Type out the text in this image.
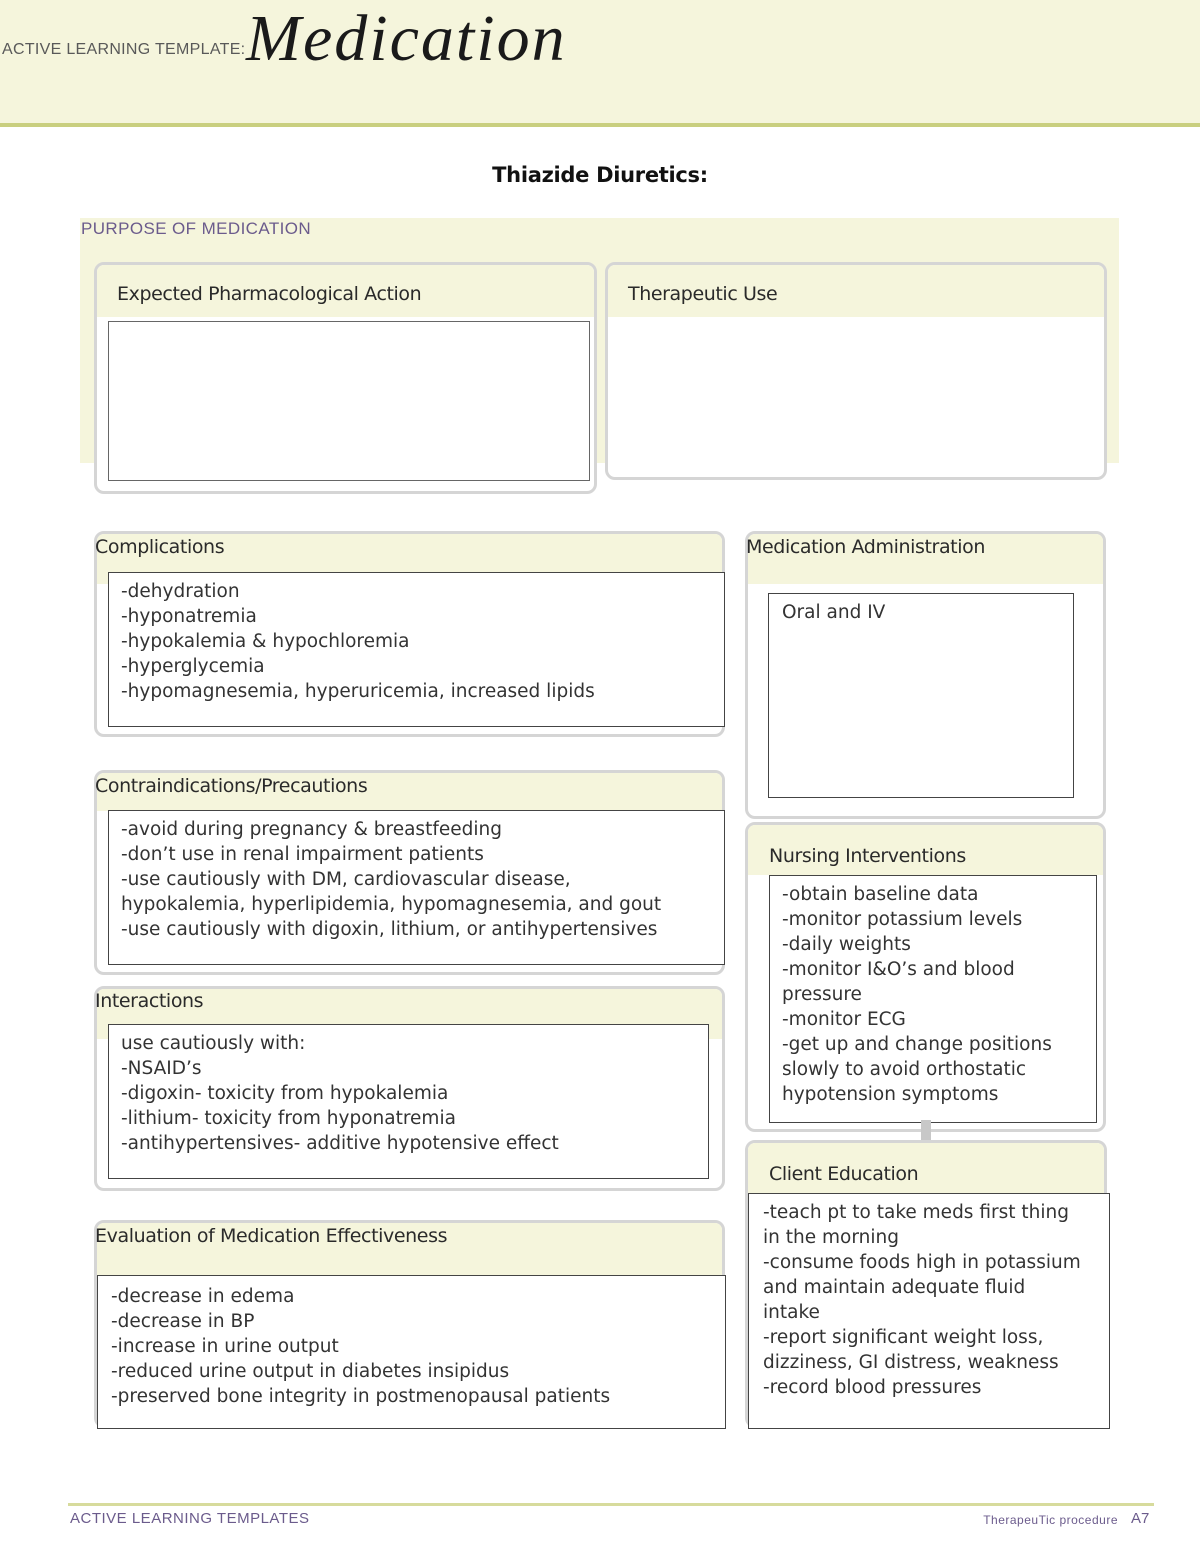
ACTIVE LEARNING TEMPLATE: Medication
Thiazide Diuretics:
PURPOSE OF MEDICATION
Expected Pharmacological Action	Therapeutic Use
Complications
-dehydration
-hyponatremia
-hypokalemia & hypochloremia
-hyperglycemia
-hypomagnesemia, hyperuricemia, increased lipids
Medication Administration
Oral and IV
Contraindications/Precautions
-avoid during pregnancy & breastfeeding
-don’t use in renal impairment patients
-use cautiously with DM, cardiovascular disease,
hypokalemia, hyperlipidemia, hypomagnesemia, and gout
-use cautiously with digoxin, lithium, or antihypertensives
Nursing Interventions
-obtain baseline data
-monitor potassium levels
-daily weights
-monitor I&O’s and blood
pressure
-monitor ECG
-get up and change positions
slowly to avoid orthostatic
hypotension symptoms
Interactions
use cautiously with:
-NSAID’s
-digoxin- toxicity from hypokalemia
-lithium- toxicity from hyponatremia
-antihypertensives- additive hypotensive effect
Client Education
-teach pt to take meds first thing
in the morning
-consume foods high in potassium
and maintain adequate fluid
intake
-report significant weight loss,
dizziness, GI distress, weakness
-record blood pressures
Evaluation of Medication Effectiveness
-decrease in edema
-decrease in BP
-increase in urine output
-reduced urine output in diabetes insipidus
-preserved bone integrity in postmenopausal patients
ACTIVE LEARNING TEMPLATES	TherapeuTic procedure A7
